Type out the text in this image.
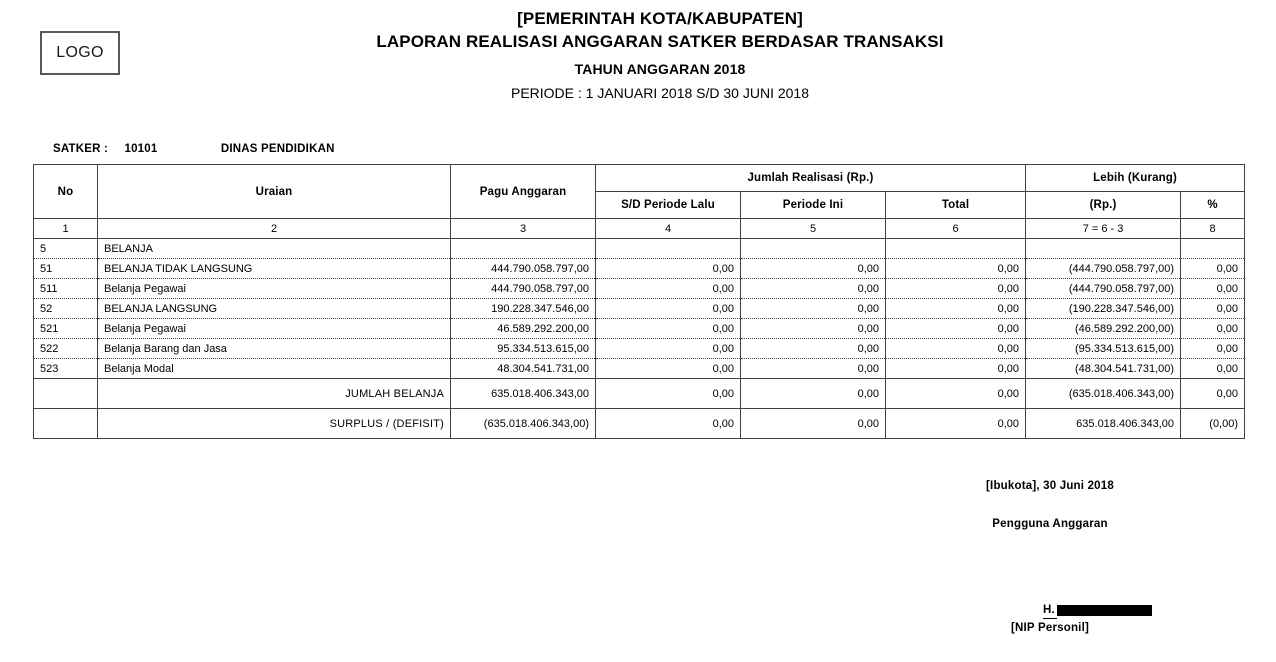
LOGO
[PEMERINTAH KOTA/KABUPATEN]
LAPORAN REALISASI ANGGARAN SATKER BERDASAR TRANSAKSI
TAHUN ANGGARAN 2018
PERIODE : 1 JANUARI 2018 S/D 30 JUNI 2018
SATKER : 10101	DINAS PENDIDIKAN
No	Uraian	Pagu Anggaran	Jumlah Realisasi (Rp.)			Lebih (Kurang)	
			S/D Periode Lalu	Periode Ini	Total	(Rp.)	%
1	2	3	4	5	6	7 = 6 - 3	8
5	BELANJA						
51	BELANJA TIDAK LANGSUNG	444.790.058.797,00	0,00	0,00	0,00	(444.790.058.797,00)	0,00
511	Belanja Pegawai	444.790.058.797,00	0,00	0,00	0,00	(444.790.058.797,00)	0,00
52	BELANJA LANGSUNG	190.228.347.546,00	0,00	0,00	0,00	(190.228.347.546,00)	0,00
521	Belanja Pegawai	46.589.292.200,00	0,00	0,00	0,00	(46.589.292.200,00)	0,00
522	Belanja Barang dan Jasa	95.334.513.615,00	0,00	0,00	0,00	(95.334.513.615,00)	0,00
523	Belanja Modal	48.304.541.731,00	0,00	0,00	0,00	(48.304.541.731,00)	0,00
	JUMLAH BELANJA	635.018.406.343,00	0,00	0,00	0,00	(635.018.406.343,00)	0,00
	SURPLUS / (DEFISIT)	(635.018.406.343,00)	0,00	0,00	0,00	635.018.406.343,00	(0,00)
[Ibukota], 30 Juni 2018
Pengguna Anggaran
H.
[NIP Personil]
